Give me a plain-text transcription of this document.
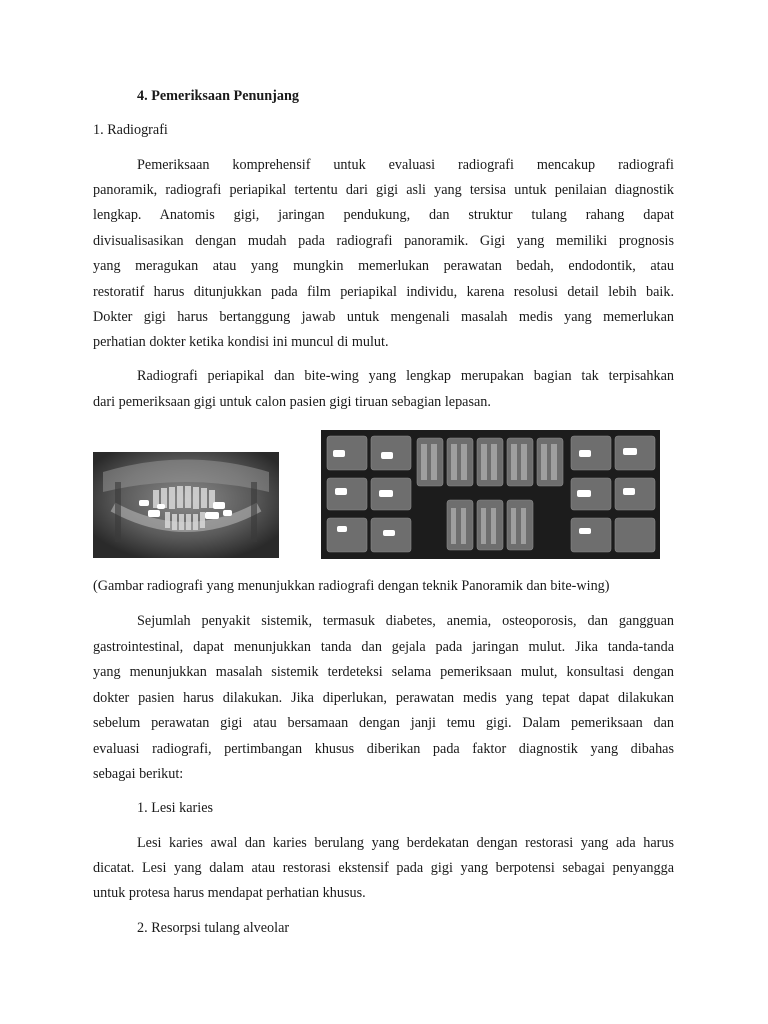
4. Pemeriksaan Penunjang
1. Radiografi
Pemeriksaan komprehensif untuk evaluasi radiografi mencakup radiografi
panoramik, radiografi periapikal tertentu dari gigi asli yang tersisa untuk penilaian diagnostik
lengkap. Anatomis gigi, jaringan pendukung, dan struktur tulang rahang dapat
divisualisasikan dengan mudah pada radiografi panoramik. Gigi yang memiliki prognosis
yang meragukan atau yang mungkin memerlukan perawatan bedah, endodontik, atau
restoratif harus ditunjukkan pada film periapikal individu, karena resolusi detail lebih baik.
Dokter gigi harus bertanggung jawab untuk mengenali masalah medis yang memerlukan
perhatian dokter ketika kondisi ini muncul di mulut.
Radiografi periapikal dan bite-wing yang lengkap merupakan bagian tak terpisahkan
dari pemeriksaan gigi untuk calon pasien gigi tiruan sebagian lepasan.
(Gambar radiografi yang menunjukkan radiografi dengan teknik Panoramik dan bite-wing)
Sejumlah penyakit sistemik, termasuk diabetes, anemia, osteoporosis, dan gangguan
gastrointestinal, dapat menunjukkan tanda dan gejala pada jaringan mulut. Jika tanda-tanda
yang menunjukkan masalah sistemik terdeteksi selama pemeriksaan mulut, konsultasi dengan
dokter pasien harus dilakukan. Jika diperlukan, perawatan medis yang tepat dapat dilakukan
sebelum perawatan gigi atau bersamaan dengan janji temu gigi. Dalam pemeriksaan dan
evaluasi radiografi, pertimbangan khusus diberikan pada faktor diagnostik yang dibahas
sebagai berikut:
1. Lesi karies
Lesi karies awal dan karies berulang yang berdekatan dengan restorasi yang ada harus
dicatat. Lesi yang dalam atau restorasi ekstensif pada gigi yang berpotensi sebagai penyangga
untuk protesa harus mendapat perhatian khusus.
2. Resorpsi tulang alveolar
